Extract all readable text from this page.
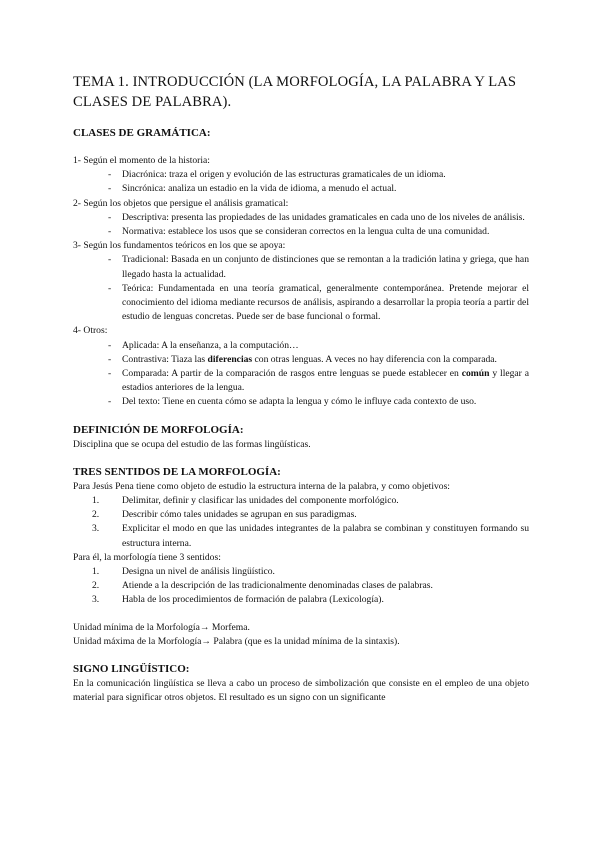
TEMA 1. INTRODUCCIÓN (LA MORFOLOGÍA, LA PALABRA Y LAS CLASES DE PALABRA).

CLASES DE GRAMÁTICA:

1- Según el momento de la historia:

- Diacrónica: traza el origen y evolución de las estructuras gramaticales de un idioma.
- Sincrónica: analiza un estadio en la vida de idioma, a menudo el actual.

2- Según los objetos que persigue el análisis gramatical:

- Descriptiva: presenta las propiedades de las unidades gramaticales en cada uno de los niveles de análisis.
- Normativa: establece los usos que se consideran correctos en la lengua culta de una comunidad.

3- Según los fundamentos teóricos en los que se apoya:

- Tradicional: Basada en un conjunto de distinciones que se remontan a la tradición latina y griega, que han llegado hasta la actualidad.
- Teórica: Fundamentada en una teoría gramatical, generalmente contemporánea. Pretende mejorar el conocimiento del idioma mediante recursos de análisis, aspirando a desarrollar la propia teoría a partir del estudio de lenguas concretas. Puede ser de base funcional o formal.

4- Otros:

- Aplicada: A la enseñanza, a la computación…
- Contrastiva: Tiaza las diferencias con otras lenguas. A veces no hay diferencia con la comparada.
- Comparada: A partir de la comparación de rasgos entre lenguas se puede establecer en común y llegar a estadios anteriores de la lengua.
- Del texto: Tiene en cuenta cómo se adapta la lengua y cómo le influye cada contexto de uso.

DEFINICIÓN DE MORFOLOGÍA:

Disciplina que se ocupa del estudio de las formas lingüísticas.

TRES SENTIDOS DE LA MORFOLOGÍA:

Para Jesús Pena tiene como objeto de estudio la estructura interna de la palabra, y como objetivos:

1. Delimitar, definir y clasificar las unidades del componente morfológico.
2. Describir cómo tales unidades se agrupan en sus paradigmas.
3. Explicitar el modo en que las unidades integrantes de la palabra se combinan y constituyen formando su estructura interna.

Para él, la morfología tiene 3 sentidos:

1. Designa un nivel de análisis lingüístico.
2. Atiende a la descripción de las tradicionalmente denominadas clases de palabras.
3. Habla de los procedimientos de formación de palabra (Lexicología).

Unidad mínima de la Morfología→ Morfema.

Unidad máxima de la Morfología→ Palabra (que es la unidad mínima de la sintaxis).

SIGNO LINGÜÍSTICO:

En la comunicación lingüística se lleva a cabo un proceso de simbolización que consiste en el empleo de una objeto material para significar otros objetos. El resultado es un signo con un significante
